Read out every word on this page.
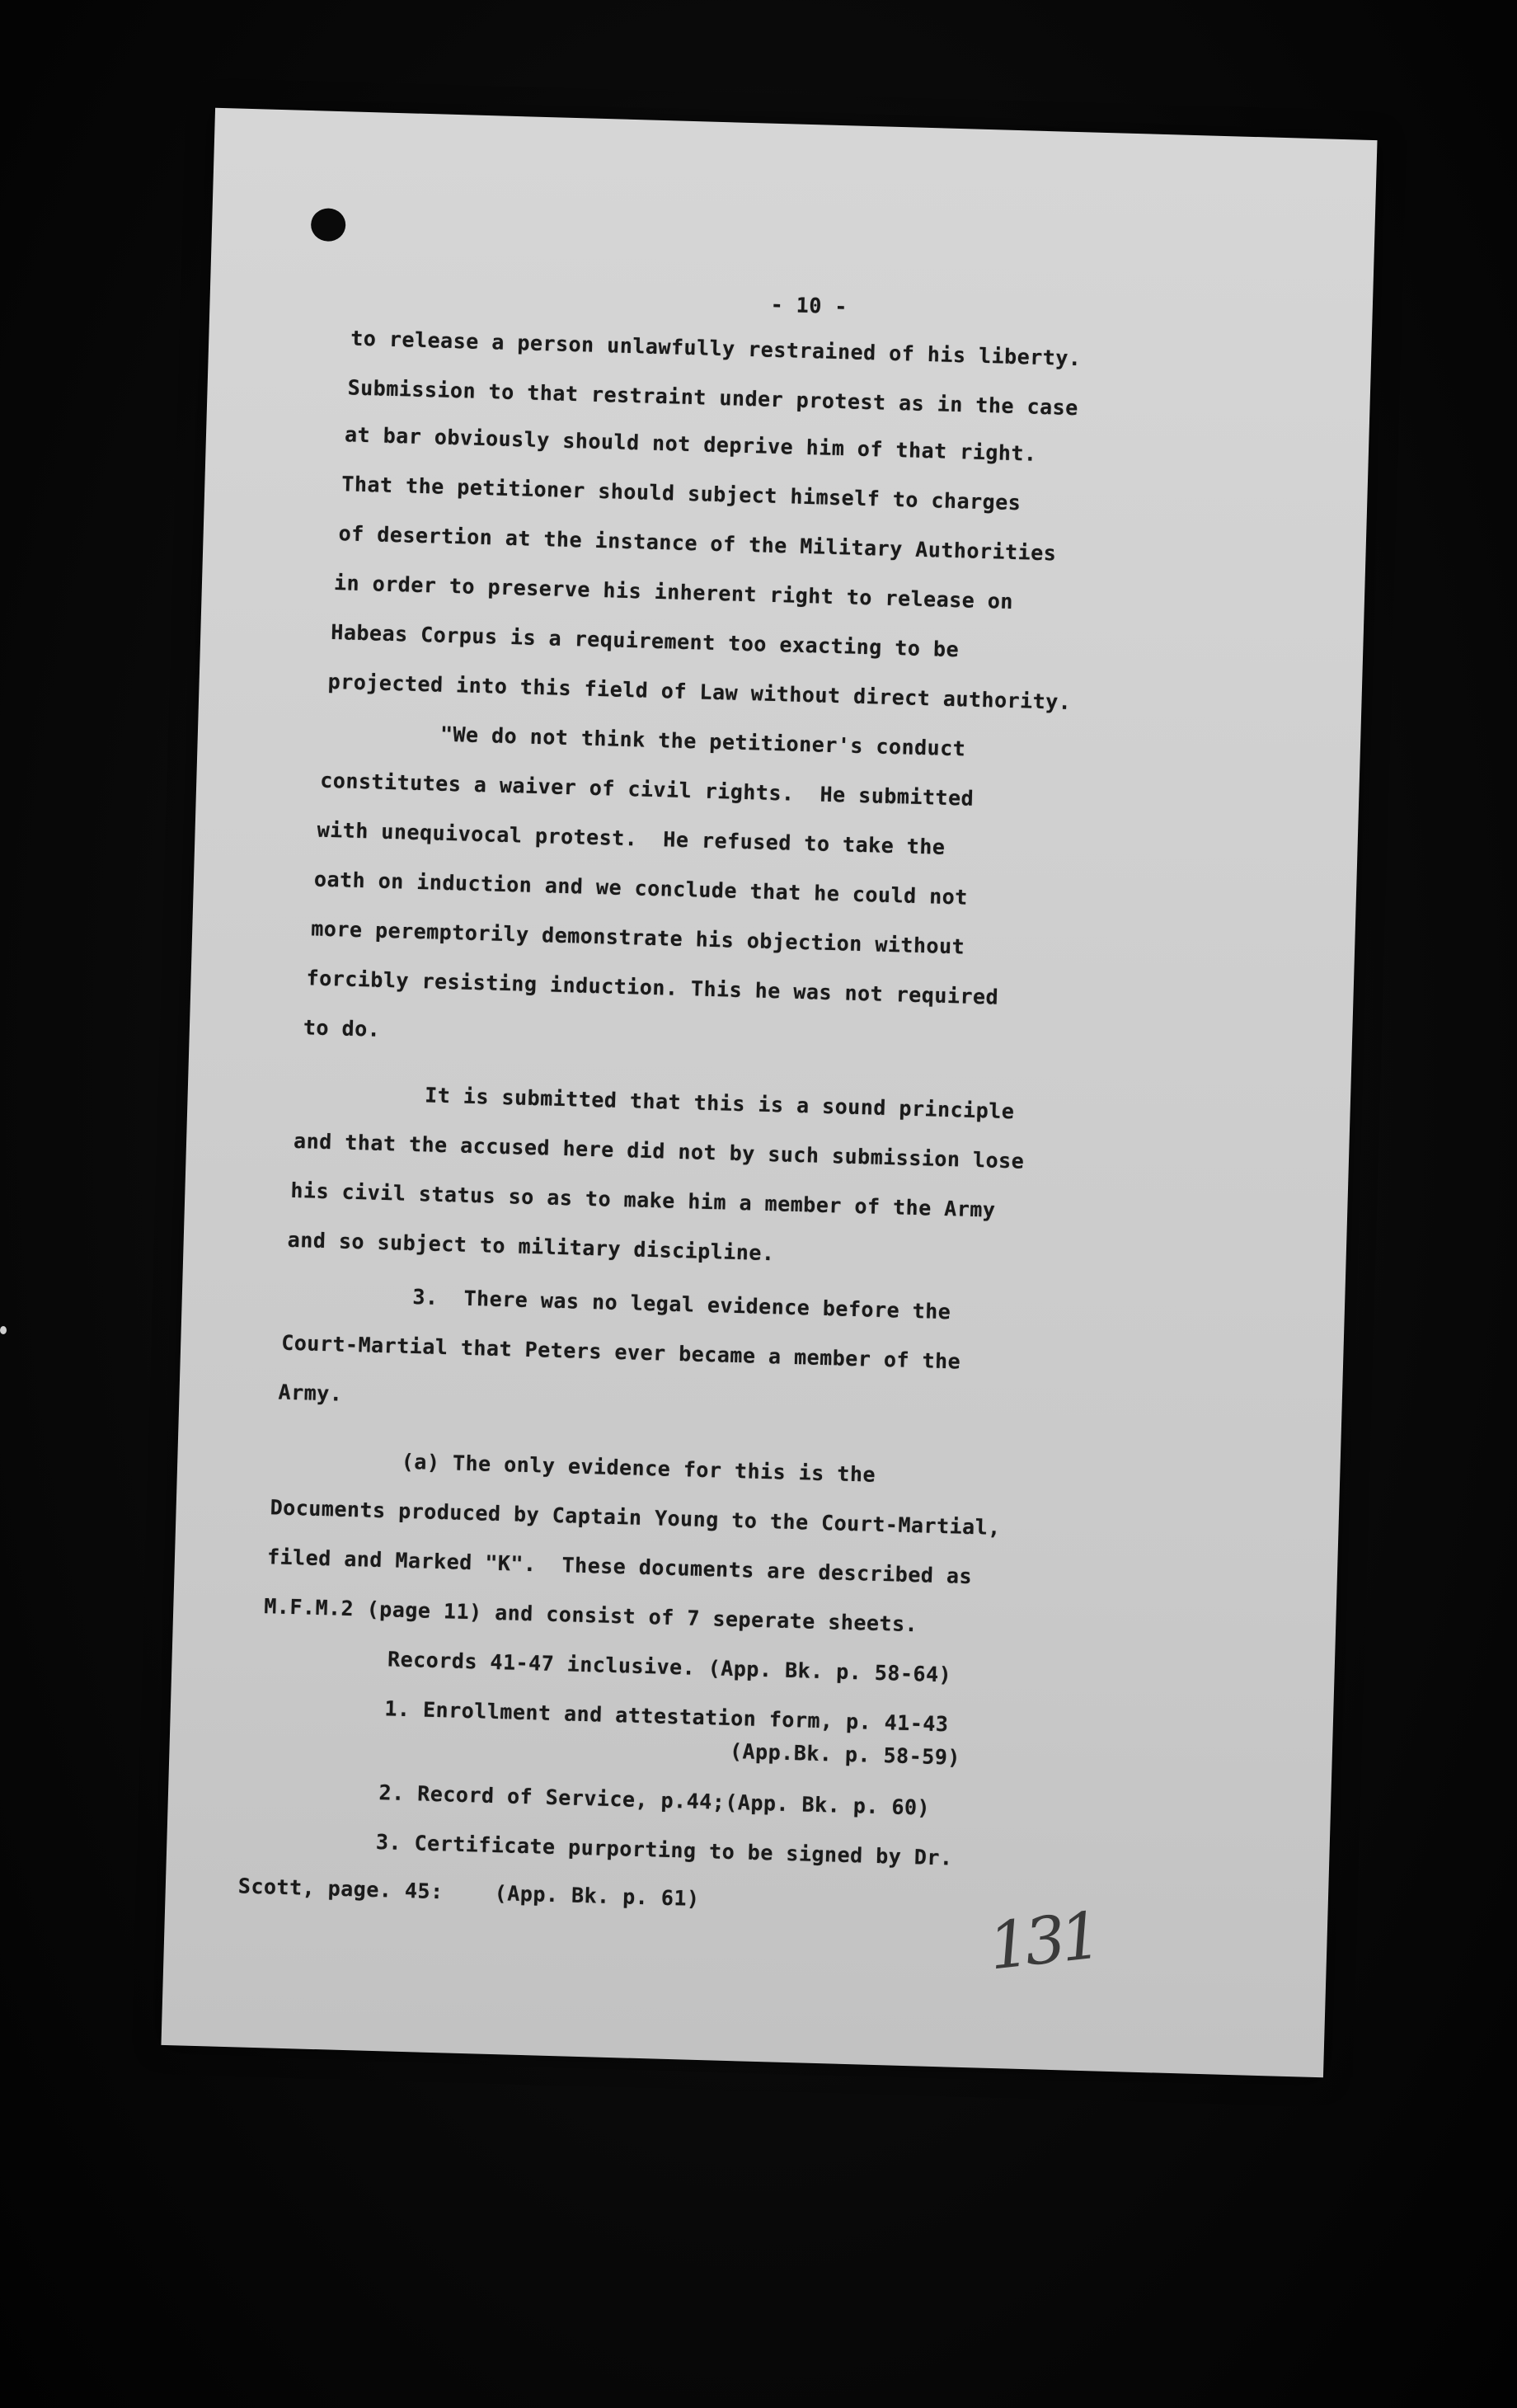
- 10 -
to release a person unlawfully restrained of his liberty.
Submission to that restraint under protest as in the case
at bar obviously should not deprive him of that right.
That the petitioner should subject himself to charges
of desertion at the instance of the Military Authorities
in order to preserve his inherent right to release on
Habeas Corpus is a requirement too exacting to be
projected into this field of Law without direct authority.
"We do not think the petitioner's conduct
constitutes a waiver of civil rights.  He submitted
with unequivocal protest.  He refused to take the
oath on induction and we conclude that he could not
more peremptorily demonstrate his objection without
forcibly resisting induction. This he was not required
to do.
It is submitted that this is a sound principle
and that the accused here did not by such submission lose
his civil status so as to make him a member of the Army
and so subject to military discipline.
3.  There was no legal evidence before the
Court-Martial that Peters ever became a member of the
Army.
(a) The only evidence for this is the
Documents produced by Captain Young to the Court-Martial,
filed and Marked "K".  These documents are described as
M.F.M.2 (page 11) and consist of 7 seperate sheets.
Records 41-47 inclusive. (App. Bk. p. 58-64)
1. Enrollment and attestation form, p. 41-43
(App.Bk. p. 58-59)
2. Record of Service, p.44;(App. Bk. p. 60)
3. Certificate purporting to be signed by Dr.
Scott, page. 45:    (App. Bk. p. 61)
131
